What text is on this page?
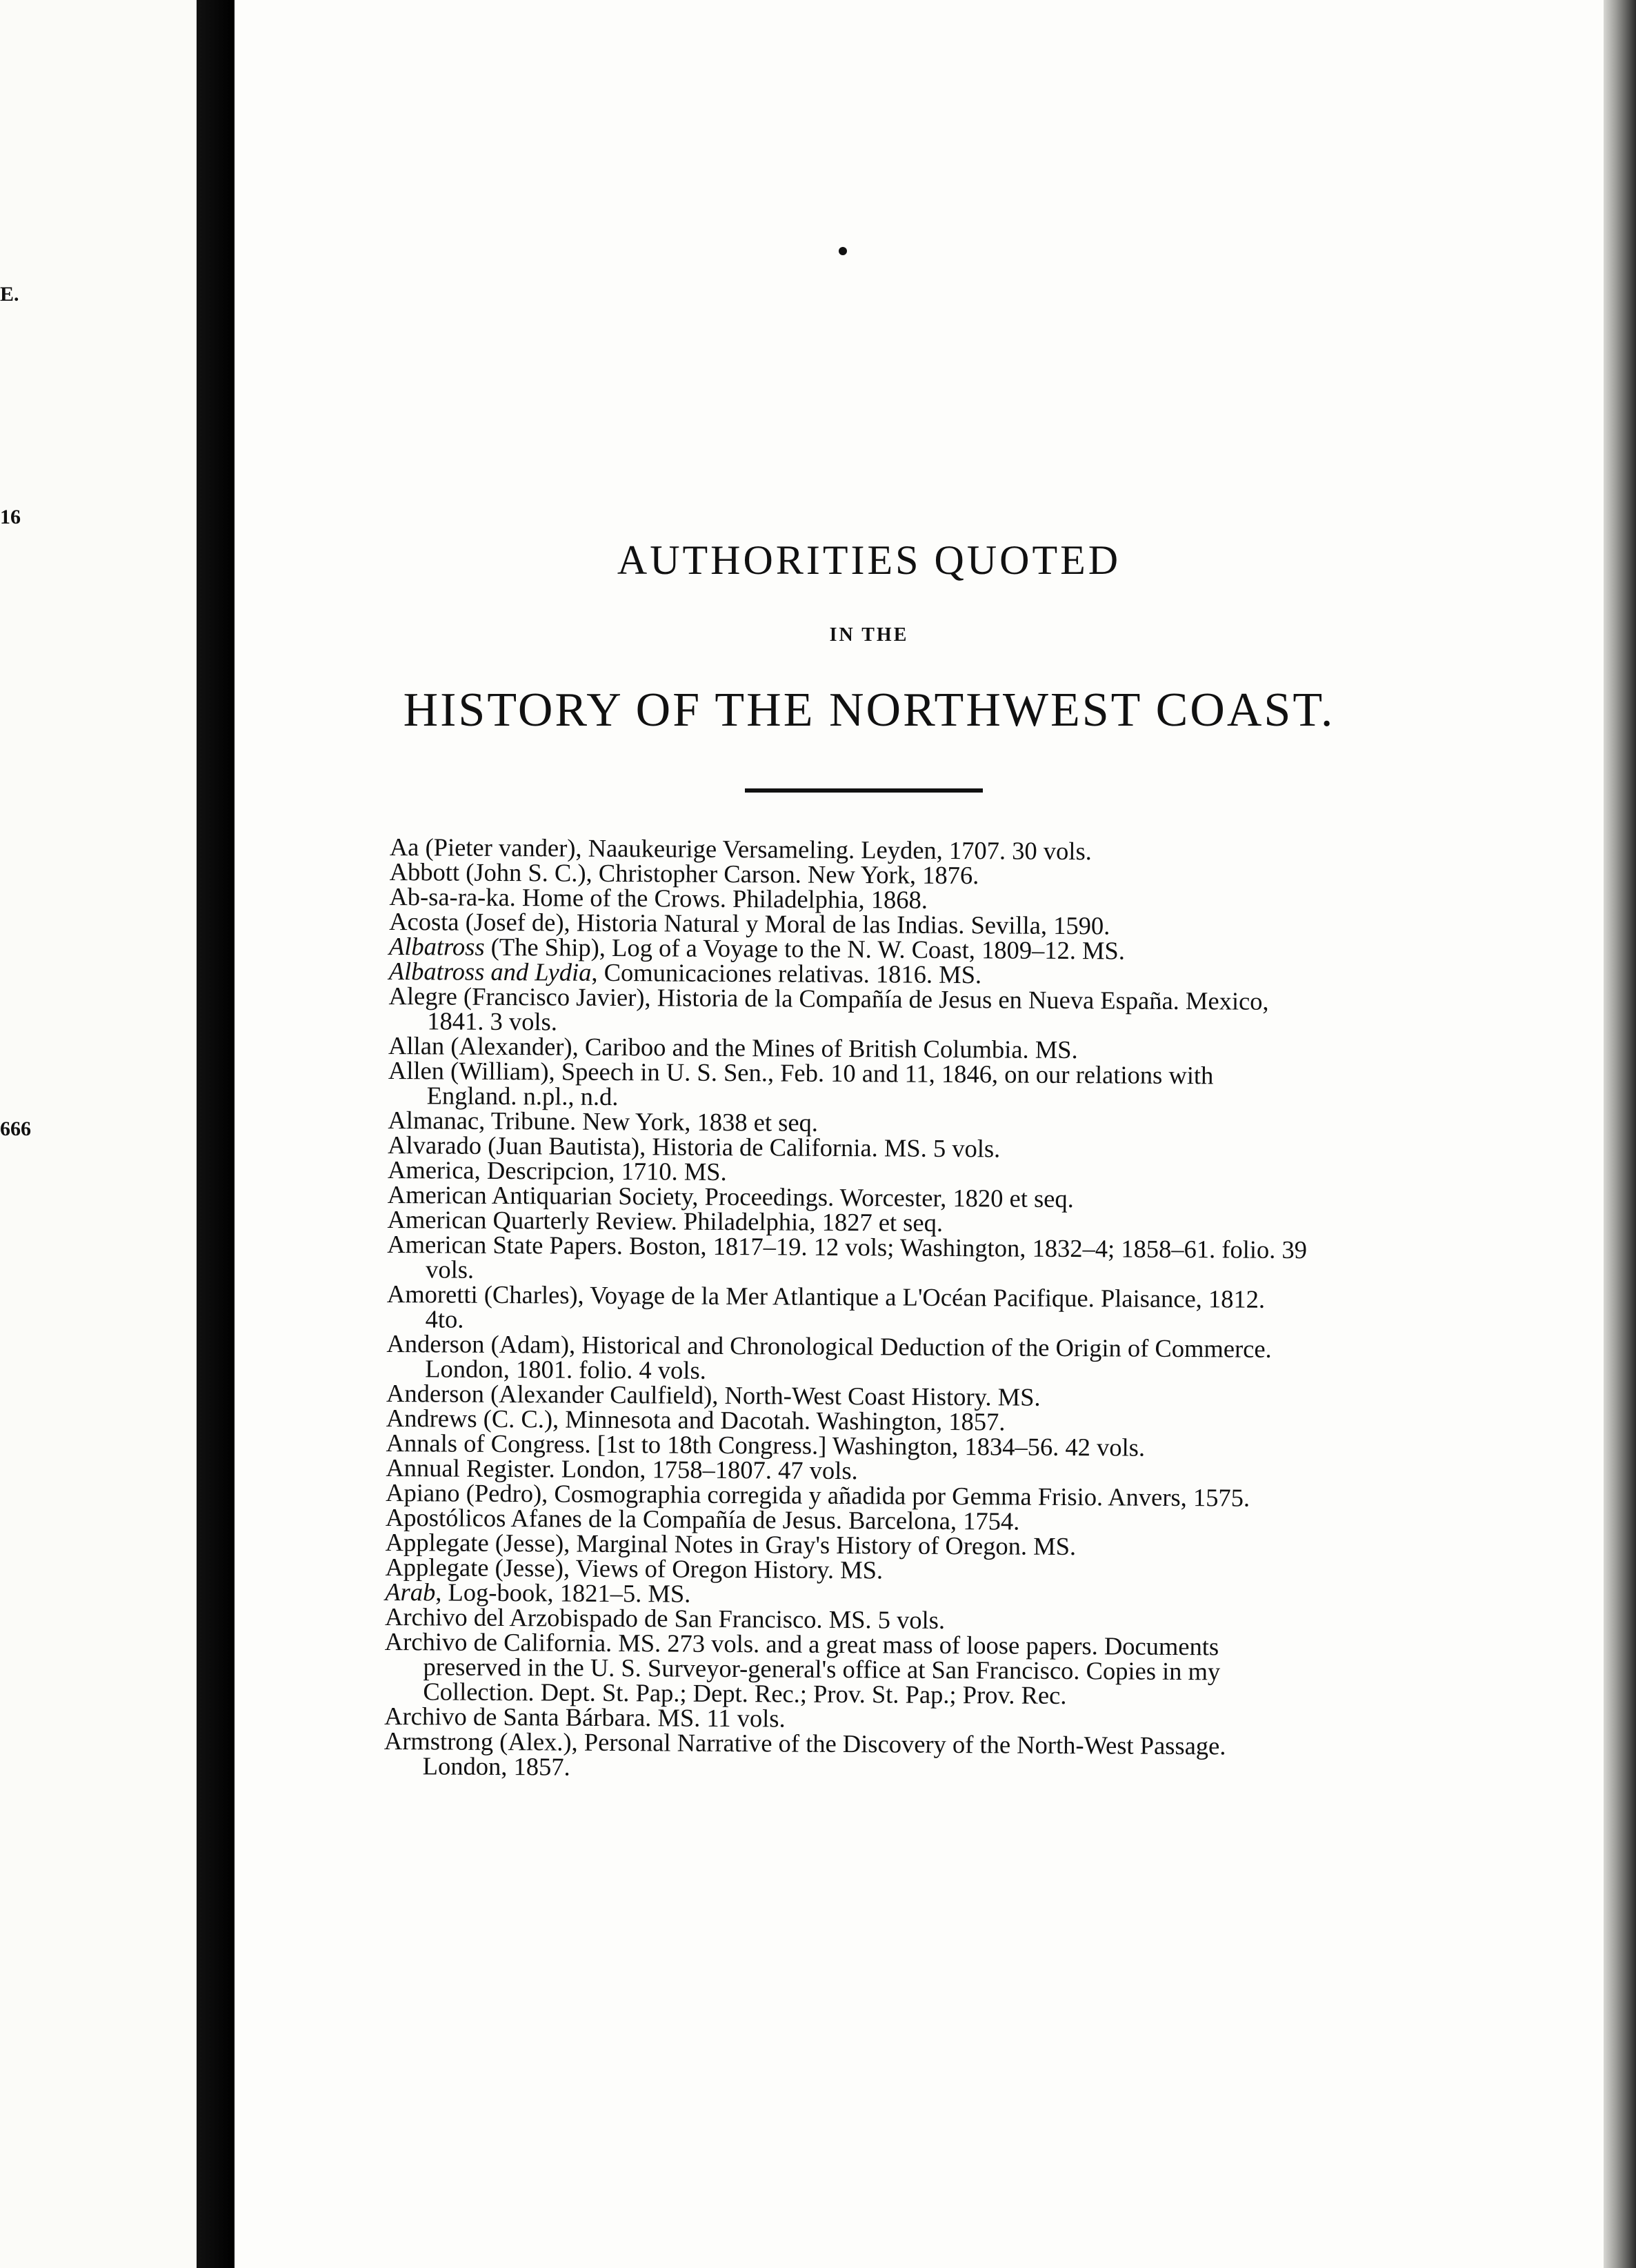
E.
16
666
AUTHORITIES QUOTED
IN THE
HISTORY OF THE NORTHWEST COAST.

Aa (Pieter vander), Naaukeurige Versameling. Leyden, 1707. 30 vols.

Abbott (John S. C.), Christopher Carson. New York, 1876.

Ab-sa-ra-ka. Home of the Crows. Philadelphia, 1868.

Acosta (Josef de), Historia Natural y Moral de las Indias. Sevilla, 1590.

Albatross (The Ship), Log of a Voyage to the N. W. Coast, 1809–12. MS.

Albatross and Lydia, Comunicaciones relativas. 1816. MS.

Alegre (Francisco Javier), Historia de la Compañía de Jesus en Nueva España. Mexico, 1841. 3 vols.

Allan (Alexander), Cariboo and the Mines of British Columbia. MS.

Allen (William), Speech in U. S. Sen., Feb. 10 and 11, 1846, on our relations with England. n.pl., n.d.

Almanac, Tribune. New York, 1838 et seq.

Alvarado (Juan Bautista), Historia de California. MS. 5 vols.

America, Descripcion, 1710. MS.

American Antiquarian Society, Proceedings. Worcester, 1820 et seq.

American Quarterly Review. Philadelphia, 1827 et seq.

American State Papers. Boston, 1817–19. 12 vols; Washington, 1832–4; 1858–61. folio. 39 vols.

Amoretti (Charles), Voyage de la Mer Atlantique a L'Océan Pacifique. Plaisance, 1812. 4to.

Anderson (Adam), Historical and Chronological Deduction of the Origin of Commerce. London, 1801. folio. 4 vols.

Anderson (Alexander Caulfield), North-West Coast History. MS.

Andrews (C. C.), Minnesota and Dacotah. Washington, 1857.

Annals of Congress. [1st to 18th Congress.] Washington, 1834–56. 42 vols.

Annual Register. London, 1758–1807. 47 vols.

Apiano (Pedro), Cosmographia corregida y añadida por Gemma Frisio. Anvers, 1575.

Apostólicos Afanes de la Compañía de Jesus. Barcelona, 1754.

Applegate (Jesse), Marginal Notes in Gray's History of Oregon. MS.

Applegate (Jesse), Views of Oregon History. MS.

Arab, Log-book, 1821–5. MS.

Archivo del Arzobispado de San Francisco. MS. 5 vols.

Archivo de California. MS. 273 vols. and a great mass of loose papers. Documents preserved in the U. S. Surveyor-general's office at San Francisco. Copies in my Collection. Dept. St. Pap.; Dept. Rec.; Prov. St. Pap.; Prov. Rec.

Archivo de Santa Bárbara. MS. 11 vols.

Armstrong (Alex.), Personal Narrative of the Discovery of the North-West Passage. London, 1857.
